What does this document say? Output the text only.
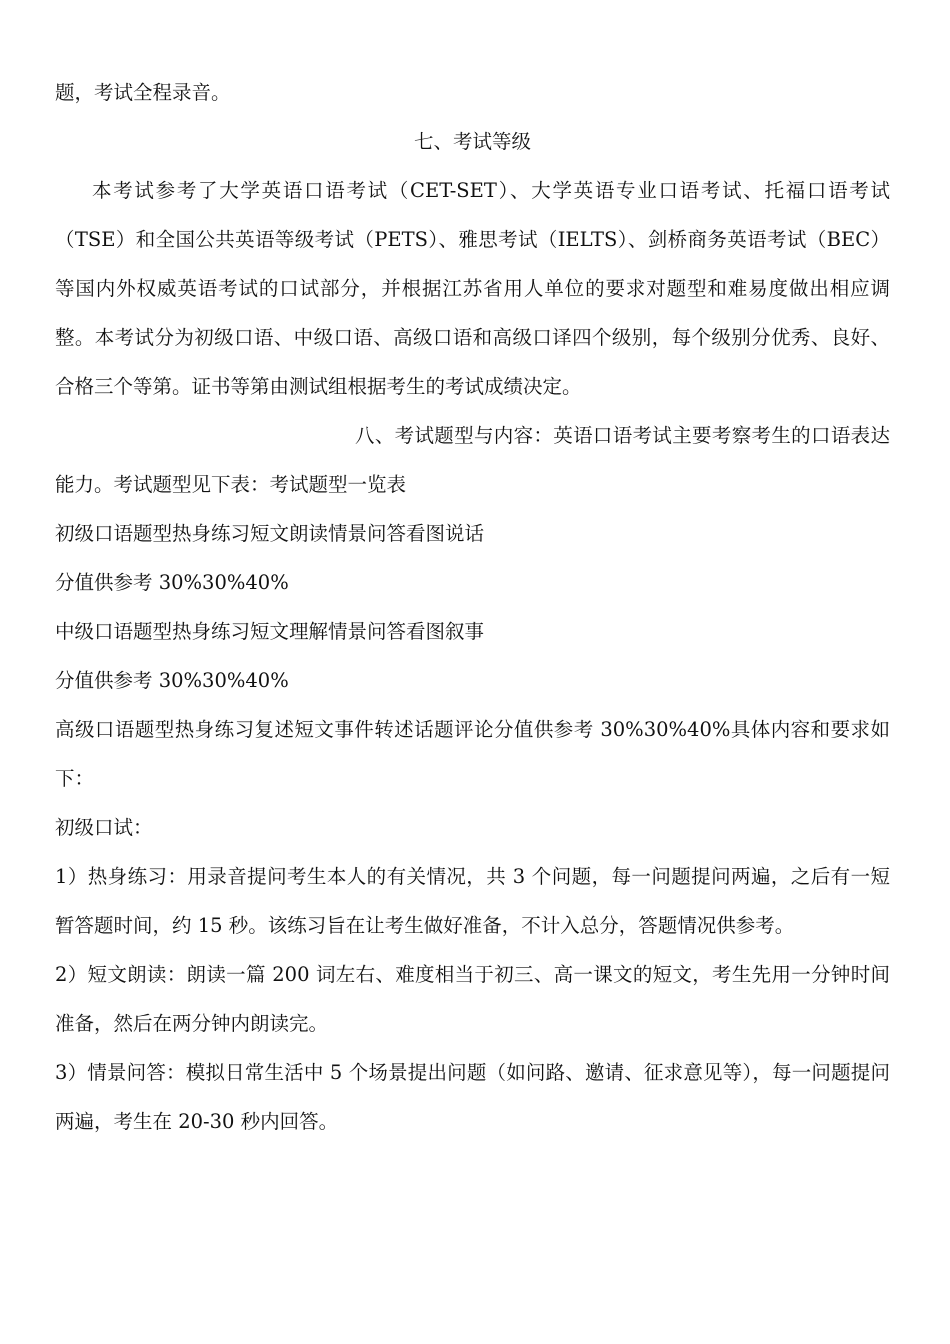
题，考试全程录音。

七、考试等级

本考试参考了大学英语口语考试（CET-SET）、大学英语专业口语考试、托福口语考试（TSE）和全国公共英语等级考试（PETS）、雅思考试（IELTS）、剑桥商务英语考试（BEC）等国内外权威英语考试的口试部分，并根据江苏省用人单位的要求对题型和难易度做出相应调整。本考试分为初级口语、中级口语、高级口语和高级口译四个级别，每个级别分优秀、良好、合格三个等第。证书等第由测试组根据考生的考试成绩决定。

八、考试题型与内容：英语口语考试主要考察考生的口语表达能力。考试题型见下表：考试题型一览表

初级口语题型热身练习短文朗读情景问答看图说话

分值供参考 30%30%40%

中级口语题型热身练习短文理解情景问答看图叙事

分值供参考 30%30%40%

高级口语题型热身练习复述短文事件转述话题评论分值供参考 30%30%40%具体内容和要求如下：

初级口试：

1）热身练习：用录音提问考生本人的有关情况，共 3 个问题，每一问题提问两遍，之后有一短暂答题时间，约 15 秒。该练习旨在让考生做好准备，不计入总分，答题情况供参考。

2）短文朗读：朗读一篇 200 词左右、难度相当于初三、高一课文的短文，考生先用一分钟时间准备，然后在两分钟内朗读完。

3）情景问答：模拟日常生活中 5 个场景提出问题（如问路、邀请、征求意见等），每一问题提问两遍，考生在 20-30 秒内回答。
